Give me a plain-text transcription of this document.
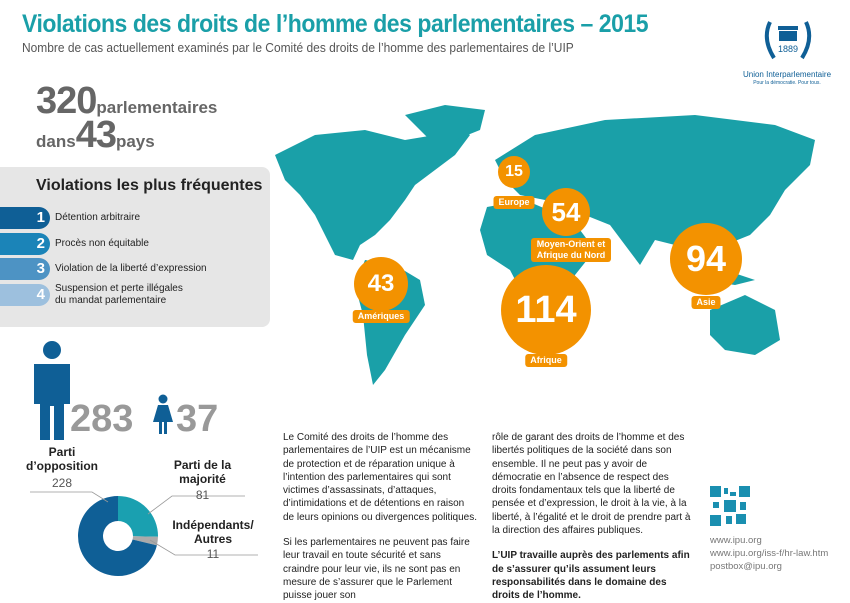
Violations des droits de l’homme des parlementaires – 2015
Nombre de cas actuellement examinés par le Comité des droits de l’homme des parlementaires de l’UIP	1889
Union Interparlementaire
Pour la démocratie. Pour tous.
320parlementaires
dans43pays
Violations les plus fréquentes
1	Détention arbitraire
2	Procès non équitable
3	Violation de la liberté d’expression
4	Suspension et perte illégales du mandat parlementaire
15
Europe 54
Moyen-Orient et Afrique du Nord	94
Asie
114
Afrique
43
Amériques
283 37
Parti d’opposition
228
Parti de la majorité
81
Indépendants/ Autres
11

Le Comité des droits de l’homme des parlementaires de l’UIP est un mécanisme de protection et de réparation unique à l’intention des parlementaires qui sont victimes d’assassinats, d’attaques, d’intimidations et de détentions en raison de leurs opinions ou divergences politiques.

Si les parlementaires ne peuvent pas faire leur travail en toute sécurité et sans craindre pour leur vie, ils ne sont pas en mesure de s’assurer que le Parlement puisse jouer son

rôle de garant des droits de l’homme et des libertés politiques de la société dans son ensemble. Il ne peut pas y avoir de démocratie en l’absence de respect des droits fondamentaux tels que la liberté de pensée et d’expression, le droit à la vie, à la liberté, à l’égalité et le droit de prendre part à la direction des affaires publiques.

L’UIP travaille auprès des parlements afin de s’assurer qu’ils assument leurs responsabilités dans le domaine des droits de l’homme.

www.ipu.org
www.ipu.org/iss-f/hr-law.htm
postbox@ipu.org
